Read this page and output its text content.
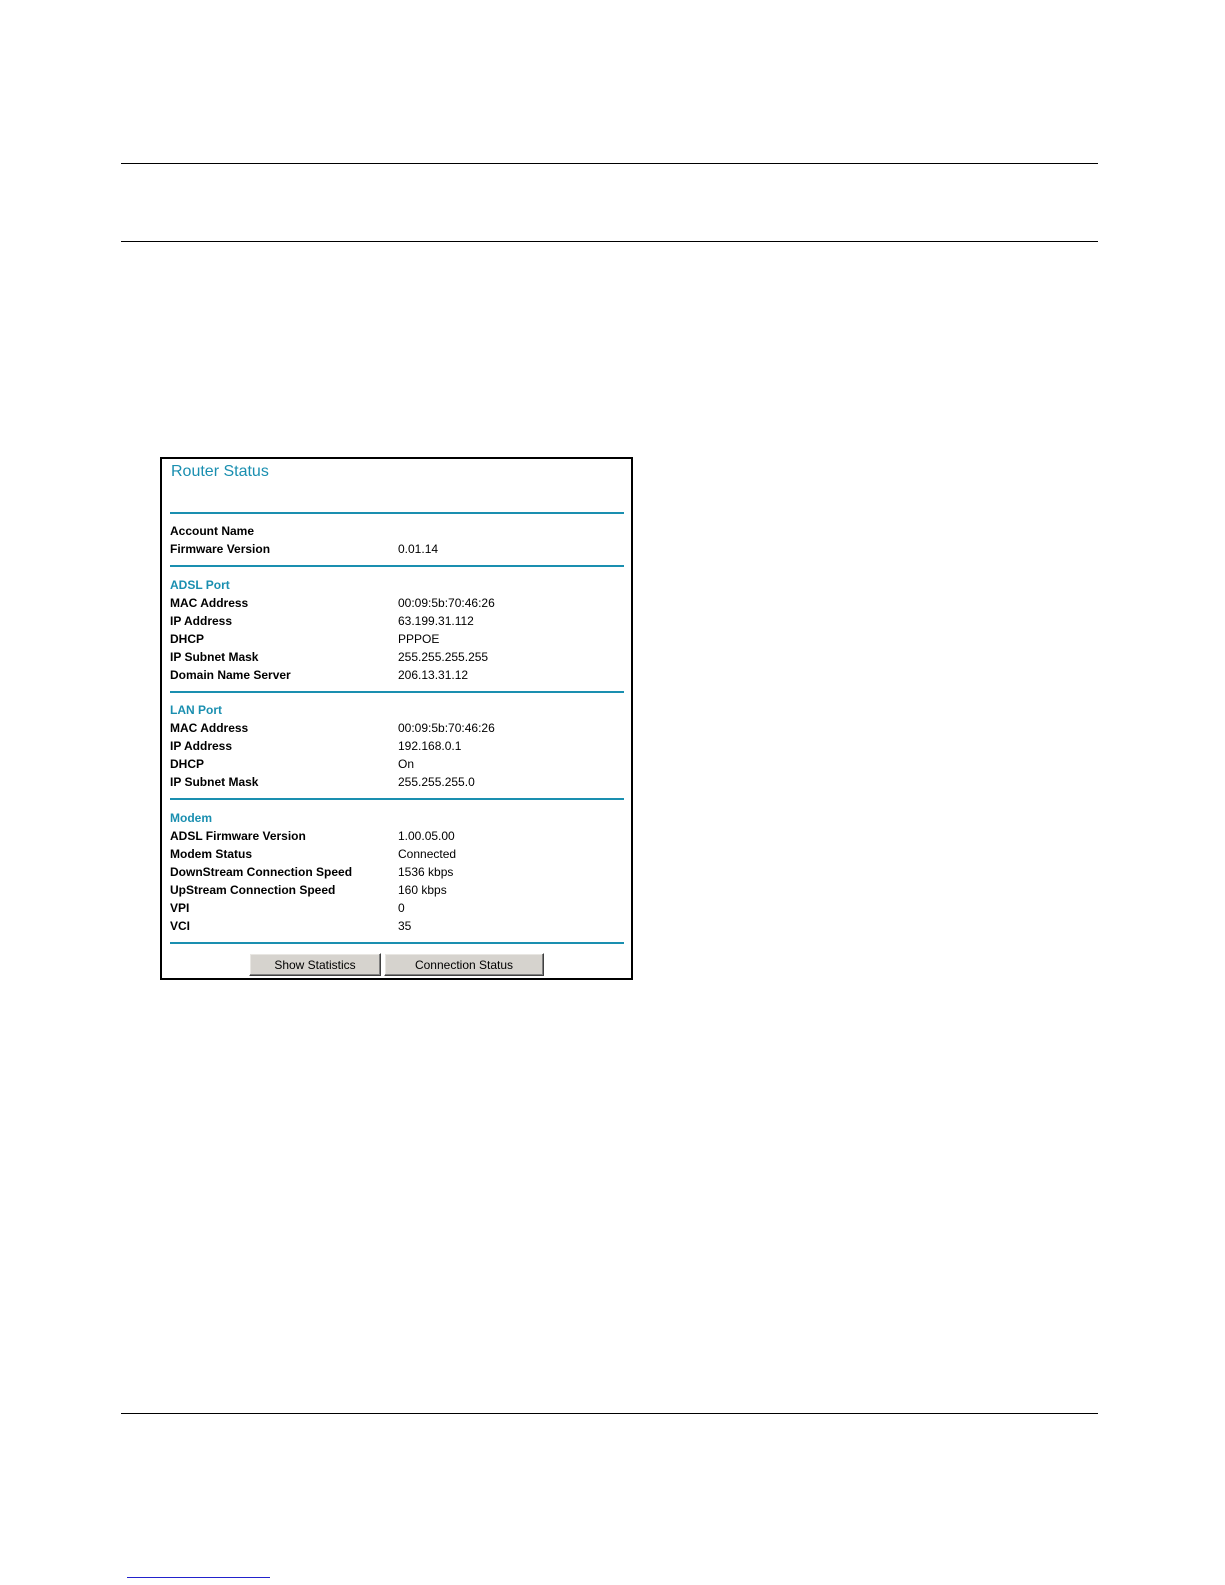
Router Status
Account Name
Firmware Version	0.01.14
ADSL Port
MAC Address	00:09:5b:70:46:26
IP Address	63.199.31.112
DHCP	PPPOE
IP Subnet Mask	255.255.255.255
Domain Name Server	206.13.31.12
LAN Port
MAC Address	00:09:5b:70:46:26
IP Address	192.168.0.1
DHCP	On
IP Subnet Mask	255.255.255.0
Modem
ADSL Firmware Version	1.00.05.00
Modem Status	Connected
DownStream Connection Speed	1536 kbps
UpStream Connection Speed	160 kbps
VPI	0
VCI	35
Show Statistics	Connection Status
